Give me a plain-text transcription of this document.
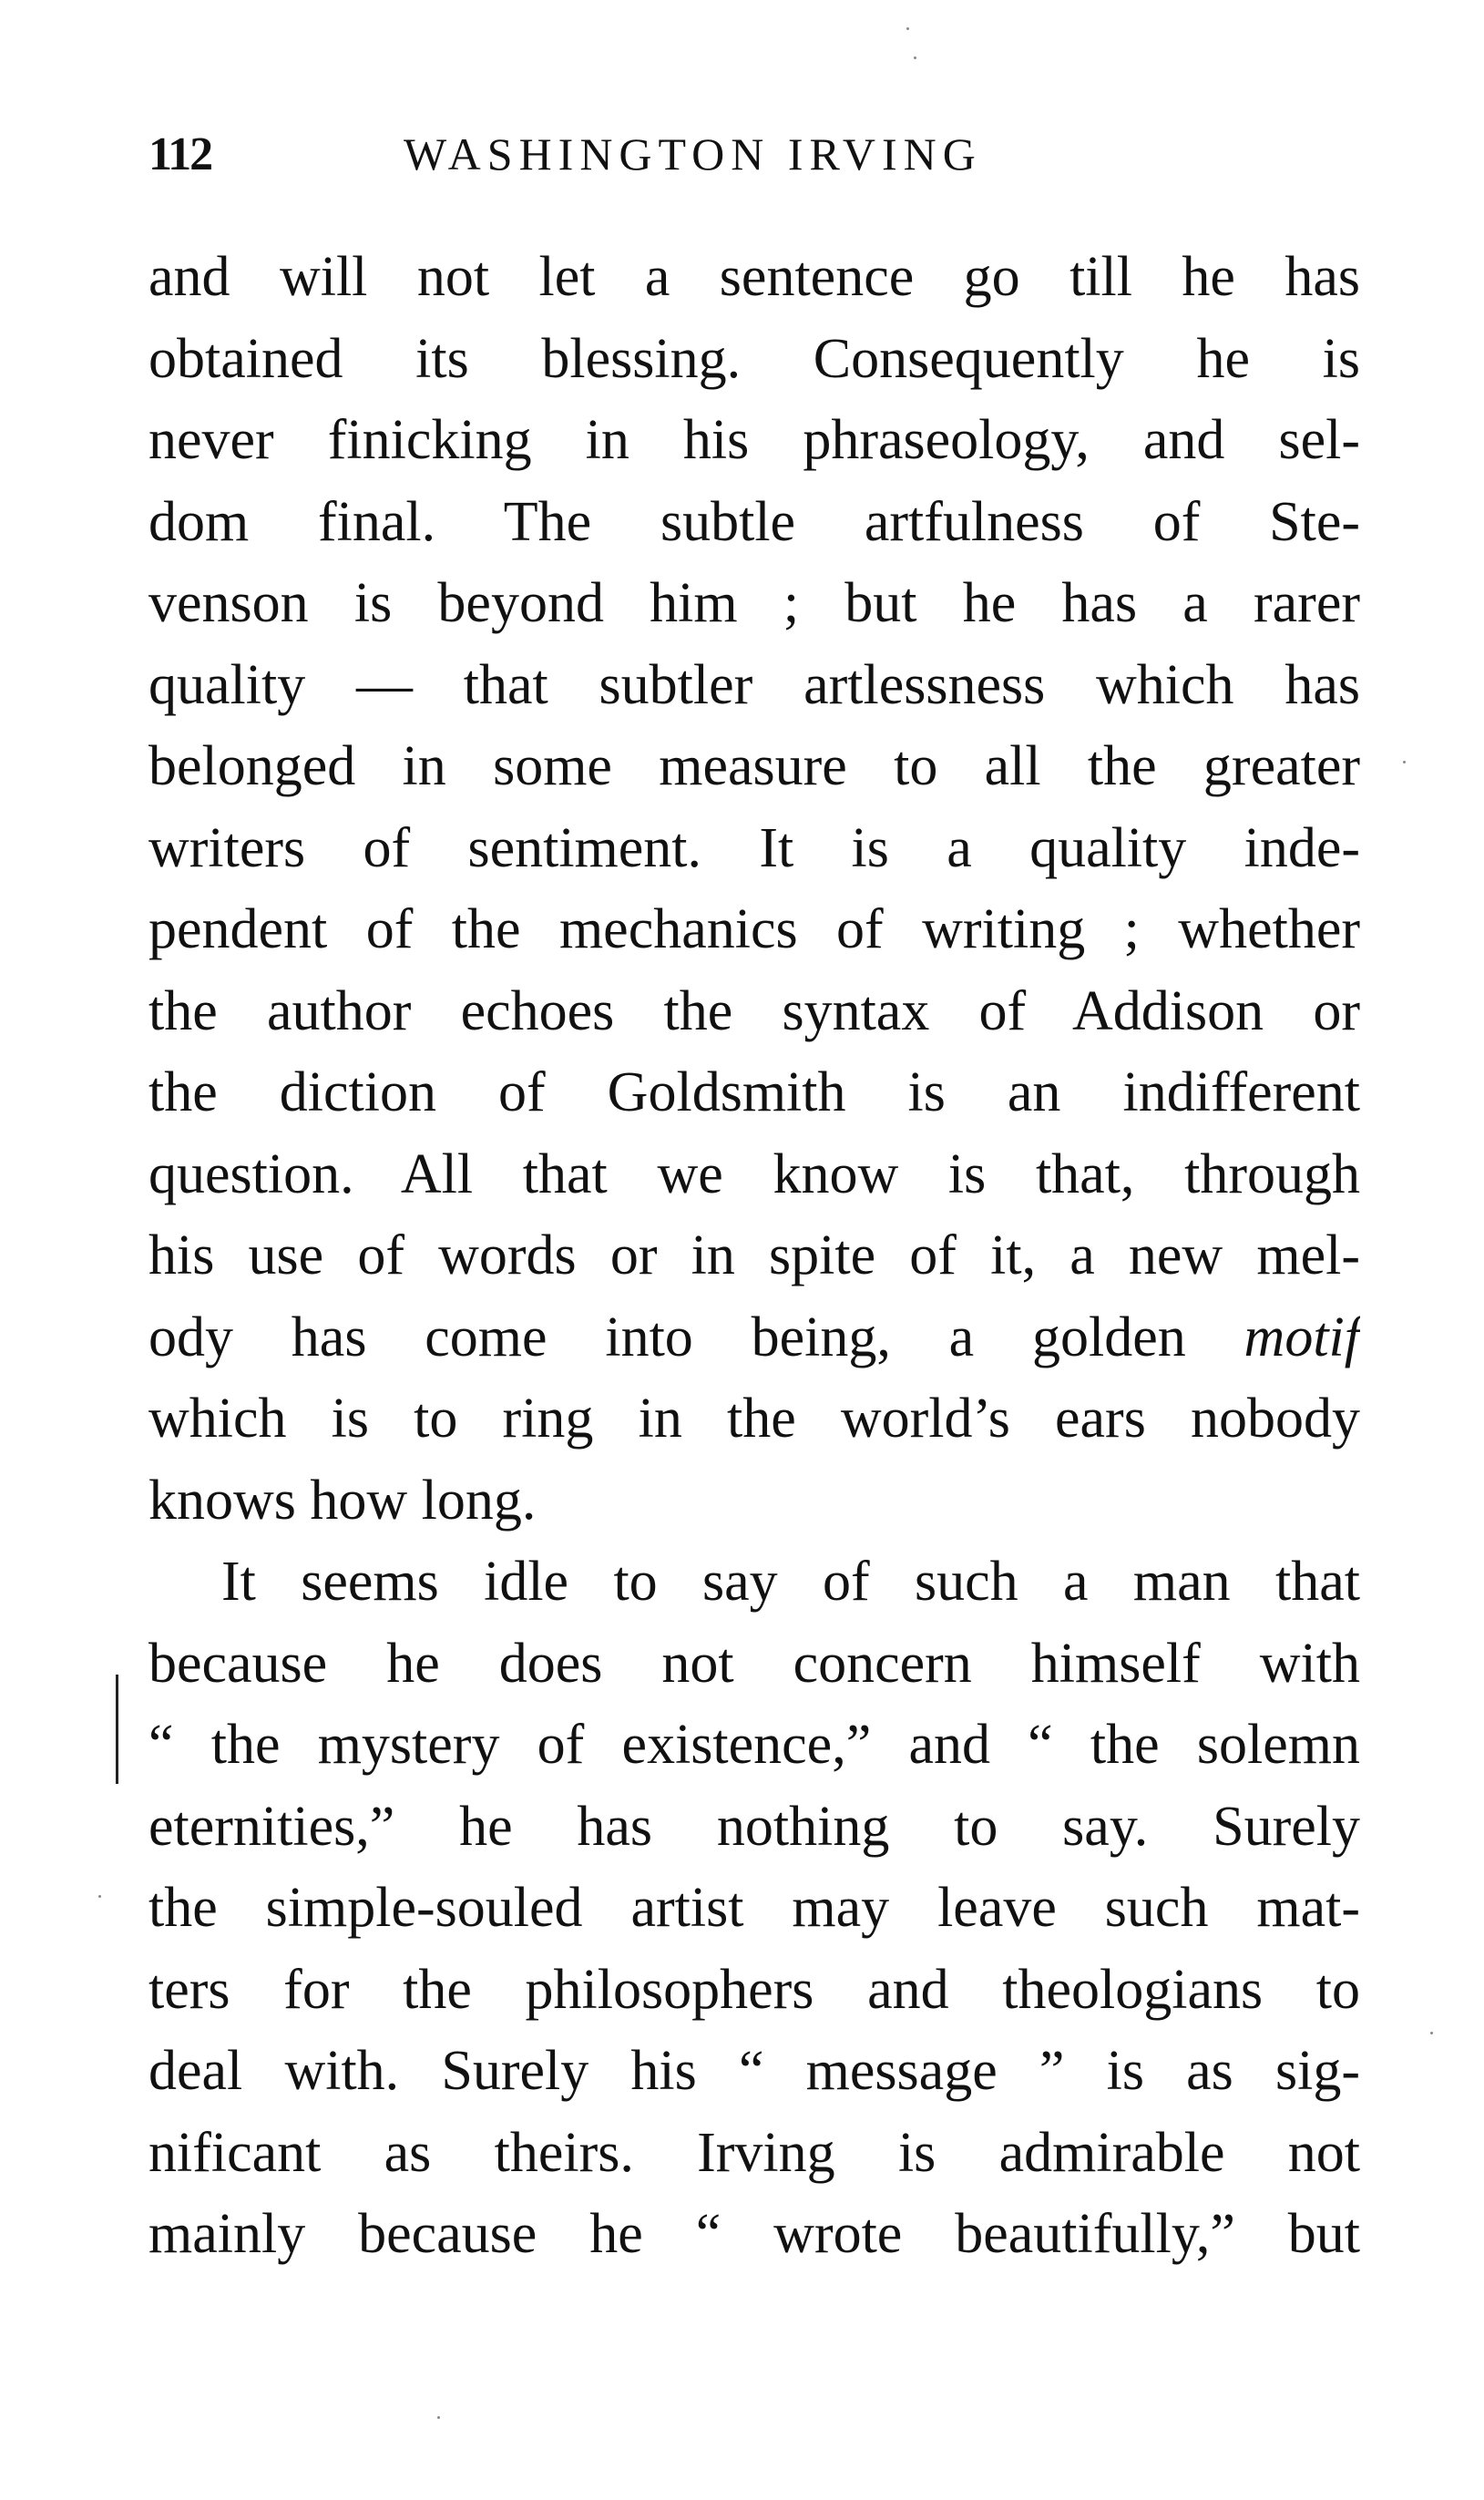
112	WASHINGTON IRVING
and will not let a sentence go till he has
obtained its blessing. Consequently he is
never finicking in his phraseology, and sel-
dom final. The subtle artfulness of Ste-
venson is beyond him ; but he has a rarer
quality — that subtler artlessness which has
belonged in some measure to all the greater
writers of sentiment. It is a quality inde-
pendent of the mechanics of writing ; whether
the author echoes the syntax of Addison or
the diction of Goldsmith is an indifferent
question. All that we know is that, through
his use of words or in spite of it, a new mel-
ody has come into being, a golden motif
which is to ring in the world’s ears nobody
knows how long.
It seems idle to say of such a man that
because he does not concern himself with
“ the mystery of existence,” and “ the solemn
eternities,” he has nothing to say. Surely
the simple-souled artist may leave such mat-
ters for the philosophers and theologians to
deal with. Surely his “ message ” is as sig-
nificant as theirs. Irving is admirable not
mainly because he “ wrote beautifully,” but
